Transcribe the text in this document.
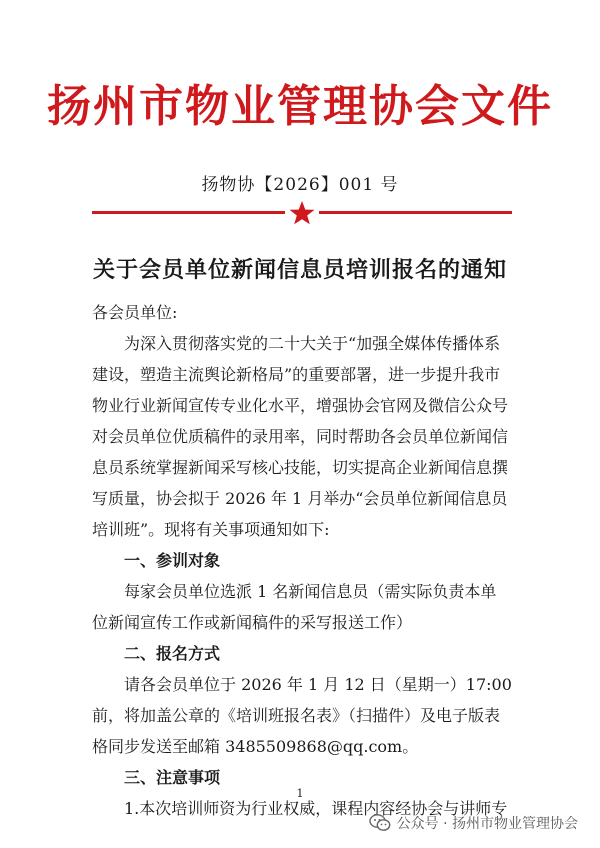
扬州市物业管理协会文件
扬物协【2026】001 号
关于会员单位新闻信息员培训报名的通知

各会员单位:

为深入贯彻落实党的二十大关于“加强全媒体传播体系建设，塑造主流舆论新格局”的重要部署，进一步提升我市物业行业新闻宣传专业化水平，增强协会官网及微信公众号对会员单位优质稿件的录用率，同时帮助各会员单位新闻信息员系统掌握新闻采写核心技能，切实提高企业新闻信息撰写质量，协会拟于 2026 年 1 月举办“会员单位新闻信息员培训班”。现将有关事项通知如下:

一、参训对象

每家会员单位选派 1 名新闻信息员（需实际负责本单位新闻宣传工作或新闻稿件的采写报送工作）

二、报名方式

请各会员单位于 2026 年 1 月 12 日（星期一）17:00 前，将加盖公章的《培训班报名表》（扫描件）及电子版表格同步发送至邮箱 3485509868@qq.com。

三、注意事项

1.本次培训师资为行业权威，课程内容经协会与讲师专

1
公众号 · 扬州市物业管理协会
